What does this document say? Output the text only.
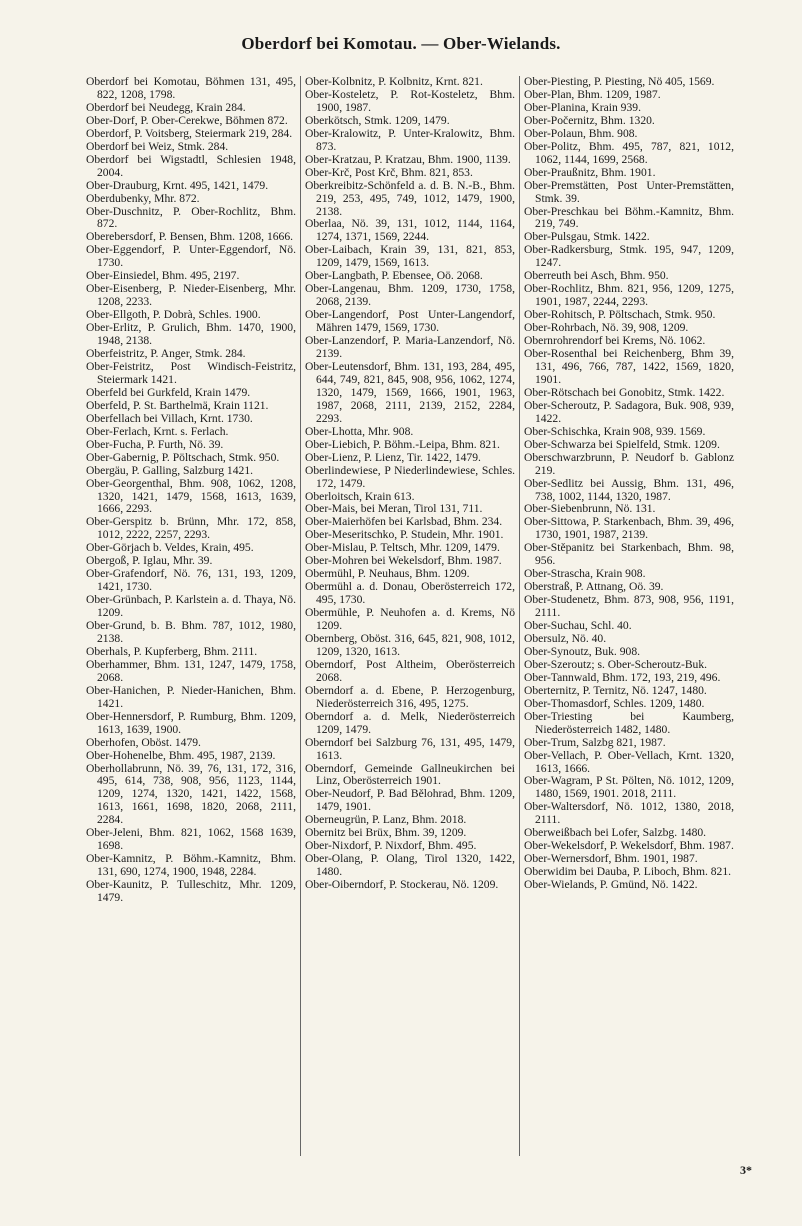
Oberdorf bei Komotau. — Ober-Wielands.

Oberdorf bei Komotau, Böhmen 131, 495, 822, 1208, 1798.

Oberdorf bei Neudegg, Krain 284.

Ober-Dorf, P. Ober-Cerekwe, Böhmen 872.

Oberdorf, P. Voitsberg, Steiermark 219, 284.

Oberdorf bei Weiz, Stmk. 284.

Oberdorf bei Wigstadtl, Schlesien 1948, 2004.

Ober-Drauburg, Krnt. 495, 1421, 1479.

Oberdubenky, Mhr. 872.

Ober-Duschnitz, P. Ober-Rochlitz, Bhm. 872.

Oberebersdorf, P. Bensen, Bhm. 1208, 1666.

Ober-Eggendorf, P. Unter-Eggendorf, Nö. 1730.

Ober-Einsiedel, Bhm. 495, 2197.

Ober-Eisenberg, P. Nieder-Eisenberg, Mhr. 1208, 2233.

Ober-Ellgoth, P. Dobrà, Schles. 1900.

Ober-Erlitz, P. Grulich, Bhm. 1470, 1900, 1948, 2138.

Oberfeistritz, P. Anger, Stmk. 284.

Ober-Feistritz, Post Windisch-Feistritz, Steiermark 1421.

Oberfeld bei Gurkfeld, Krain 1479.

Oberfeld, P. St. Barthelmä, Krain 1121.

Oberfellach bei Villach, Krnt. 1730.

Ober-Ferlach, Krnt. s. Ferlach.

Ober-Fucha, P. Furth, Nö. 39.

Ober-Gabernig, P. Pöltschach, Stmk. 950.

Obergäu, P. Galling, Salzburg 1421.

Ober-Georgenthal, Bhm. 908, 1062, 1208, 1320, 1421, 1479, 1568, 1613, 1639, 1666, 2293.

Ober-Gerspitz b. Brünn, Mhr. 172, 858, 1012, 2222, 2257, 2293.

Ober-Görjach b. Veldes, Krain, 495.

Obergoß, P. Iglau, Mhr. 39.

Ober-Grafendorf, Nö. 76, 131, 193, 1209, 1421, 1730.

Ober-Grünbach, P. Karlstein a. d. Thaya, Nö. 1209.

Ober-Grund, b. B. Bhm. 787, 1012, 1980, 2138.

Oberhals, P. Kupferberg, Bhm. 2111.

Oberhammer, Bhm. 131, 1247, 1479, 1758, 2068.

Ober-Hanichen, P. Nieder-Hanichen, Bhm. 1421.

Ober-Hennersdorf, P. Rumburg, Bhm. 1209, 1613, 1639, 1900.

Oberhofen, Oböst. 1479.

Ober-Hohenelbe, Bhm. 495, 1987, 2139.

Oberhollabrunn, Nö. 39, 76, 131, 172, 316, 495, 614, 738, 908, 956, 1123, 1144, 1209, 1274, 1320, 1421, 1422, 1568, 1613, 1661, 1698, 1820, 2068, 2111, 2284.

Ober-Jeleni, Bhm. 821, 1062, 1568 1639, 1698.

Ober-Kamnitz, P. Böhm.-Kamnitz, Bhm. 131, 690, 1274, 1900, 1948, 2284.

Ober-Kaunitz, P. Tulleschitz, Mhr. 1209, 1479.

Ober-Kolbnitz, P. Kolbnitz, Krnt. 821.

Ober-Kosteletz, P. Rot-Kosteletz, Bhm. 1900, 1987.

Oberkötsch, Stmk. 1209, 1479.

Ober-Kralowitz, P. Unter-Kralowitz, Bhm. 873.

Ober-Kratzau, P. Kratzau, Bhm. 1900, 1139.

Ober-Krč, Post Krč, Bhm. 821, 853.

Oberkreibitz-Schönfeld a. d. B. N.-B., Bhm. 219, 253, 495, 749, 1012, 1479, 1900, 2138.

Oberlaa, Nö. 39, 131, 1012, 1144, 1164, 1274, 1371, 1569, 2244.

Ober-Laibach, Krain 39, 131, 821, 853, 1209, 1479, 1569, 1613.

Ober-Langbath, P. Ebensee, Oö. 2068.

Ober-Langenau, Bhm. 1209, 1730, 1758, 2068, 2139.

Ober-Langendorf, Post Unter-Langendorf, Mähren 1479, 1569, 1730.

Ober-Lanzendorf, P. Maria-Lanzendorf, Nö. 2139.

Ober-Leutensdorf, Bhm. 131, 193, 284, 495, 644, 749, 821, 845, 908, 956, 1062, 1274, 1320, 1479, 1569, 1666, 1901, 1963, 1987, 2068, 2111, 2139, 2152, 2284, 2293.

Ober-Lhotta, Mhr. 908.

Ober-Liebich, P. Böhm.-Leipa, Bhm. 821.

Ober-Lienz, P. Lienz, Tir. 1422, 1479.

Oberlindewiese, P Niederlindewiese, Schles. 172, 1479.

Oberloitsch, Krain 613.

Ober-Mais, bei Meran, Tirol 131, 711.

Ober-Maierhöfen bei Karlsbad, Bhm. 234.

Ober-Meseritschko, P. Studein, Mhr. 1901.

Ober-Mislau, P. Teltsch, Mhr. 1209, 1479.

Ober-Mohren bei Wekelsdorf, Bhm. 1987.

Obermühl, P. Neuhaus, Bhm. 1209.

Obermühl a. d. Donau, Oberösterreich 172, 495, 1730.

Obermühle, P. Neuhofen a. d. Krems, Nö 1209.

Obernberg, Oböst. 316, 645, 821, 908, 1012, 1209, 1320, 1613.

Oberndorf, Post Altheim, Oberösterreich 2068.

Oberndorf a. d. Ebene, P. Herzogenburg, Niederösterreich 316, 495, 1275.

Oberndorf a. d. Melk, Niederösterreich 1209, 1479.

Oberndorf bei Salzburg 76, 131, 495, 1479, 1613.

Oberndorf, Gemeinde Gallneukirchen bei Linz, Oberösterreich 1901.

Ober-Neudorf, P. Bad Bělohrad, Bhm. 1209, 1479, 1901.

Oberneugrün, P. Lanz, Bhm. 2018.

Obernitz bei Brüx, Bhm. 39, 1209.

Ober-Nixdorf, P. Nixdorf, Bhm. 495.

Ober-Olang, P. Olang, Tirol 1320, 1422, 1480.

Ober-Oiberndorf, P. Stockerau, Nö. 1209.

Ober-Piesting, P. Piesting, Nö 405, 1569.

Ober-Plan, Bhm. 1209, 1987.

Ober-Planina, Krain 939.

Ober-Počernitz, Bhm. 1320.

Ober-Polaun, Bhm. 908.

Ober-Politz, Bhm. 495, 787, 821, 1012, 1062, 1144, 1699, 2568.

Ober-Praußnitz, Bhm. 1901.

Ober-Premstätten, Post Unter-Premstätten, Stmk. 39.

Ober-Preschkau bei Böhm.-Kamnitz, Bhm. 219, 749.

Ober-Pulsgau, Stmk. 1422.

Ober-Radkersburg, Stmk. 195, 947, 1209, 1247.

Oberreuth bei Asch, Bhm. 950.

Ober-Rochlitz, Bhm. 821, 956, 1209, 1275, 1901, 1987, 2244, 2293.

Ober-Rohitsch, P. Pöltschach, Stmk. 950.

Ober-Rohrbach, Nö. 39, 908, 1209.

Obernrohrendorf bei Krems, Nö. 1062.

Ober-Rosenthal bei Reichenberg, Bhm 39, 131, 496, 766, 787, 1422, 1569, 1820, 1901.

Ober-Rötschach bei Gonobitz, Stmk. 1422.

Ober-Scheroutz, P. Sadagora, Buk. 908, 939, 1422.

Ober-Schischka, Krain 908, 939. 1569.

Ober-Schwarza bei Spielfeld, Stmk. 1209.

Oberschwarzbrunn, P. Neudorf b. Gablonz 219.

Ober-Sedlitz bei Aussig, Bhm. 131, 496, 738, 1002, 1144, 1320, 1987.

Ober-Siebenbrunn, Nö. 131.

Ober-Sittowa, P. Starkenbach, Bhm. 39, 496, 1730, 1901, 1987, 2139.

Ober-Stěpanitz bei Starkenbach, Bhm. 98, 956.

Ober-Strascha, Krain 908.

Oberstraß, P. Attnang, Oö. 39.

Ober-Studenetz, Bhm. 873, 908, 956, 1191, 2111.

Ober-Suchau, Schl. 40.

Obersulz, Nö. 40.

Ober-Synoutz, Buk. 908.

Ober-Szeroutz; s. Ober-Scheroutz-Buk.

Ober-Tannwald, Bhm. 172, 193, 219, 496.

Oberternitz, P. Ternitz, Nö. 1247, 1480.

Ober-Thomasdorf, Schles. 1209, 1480.

Ober-Triesting bei Kaumberg, Niederösterreich 1482, 1480.

Ober-Trum, Salzbg 821, 1987.

Ober-Vellach, P. Ober-Vellach, Krnt. 1320, 1613, 1666.

Ober-Wagram, P St. Pölten, Nö. 1012, 1209, 1480, 1569, 1901. 2018, 2111.

Ober-Waltersdorf, Nö. 1012, 1380, 2018, 2111.

Oberweißbach bei Lofer, Salzbg. 1480.

Ober-Wekelsdorf, P. Wekelsdorf, Bhm. 1987.

Ober-Wernersdorf, Bhm. 1901, 1987.

Oberwidim bei Dauba, P. Liboch, Bhm. 821.

Ober-Wielands, P. Gmünd, Nö. 1422.

3*
